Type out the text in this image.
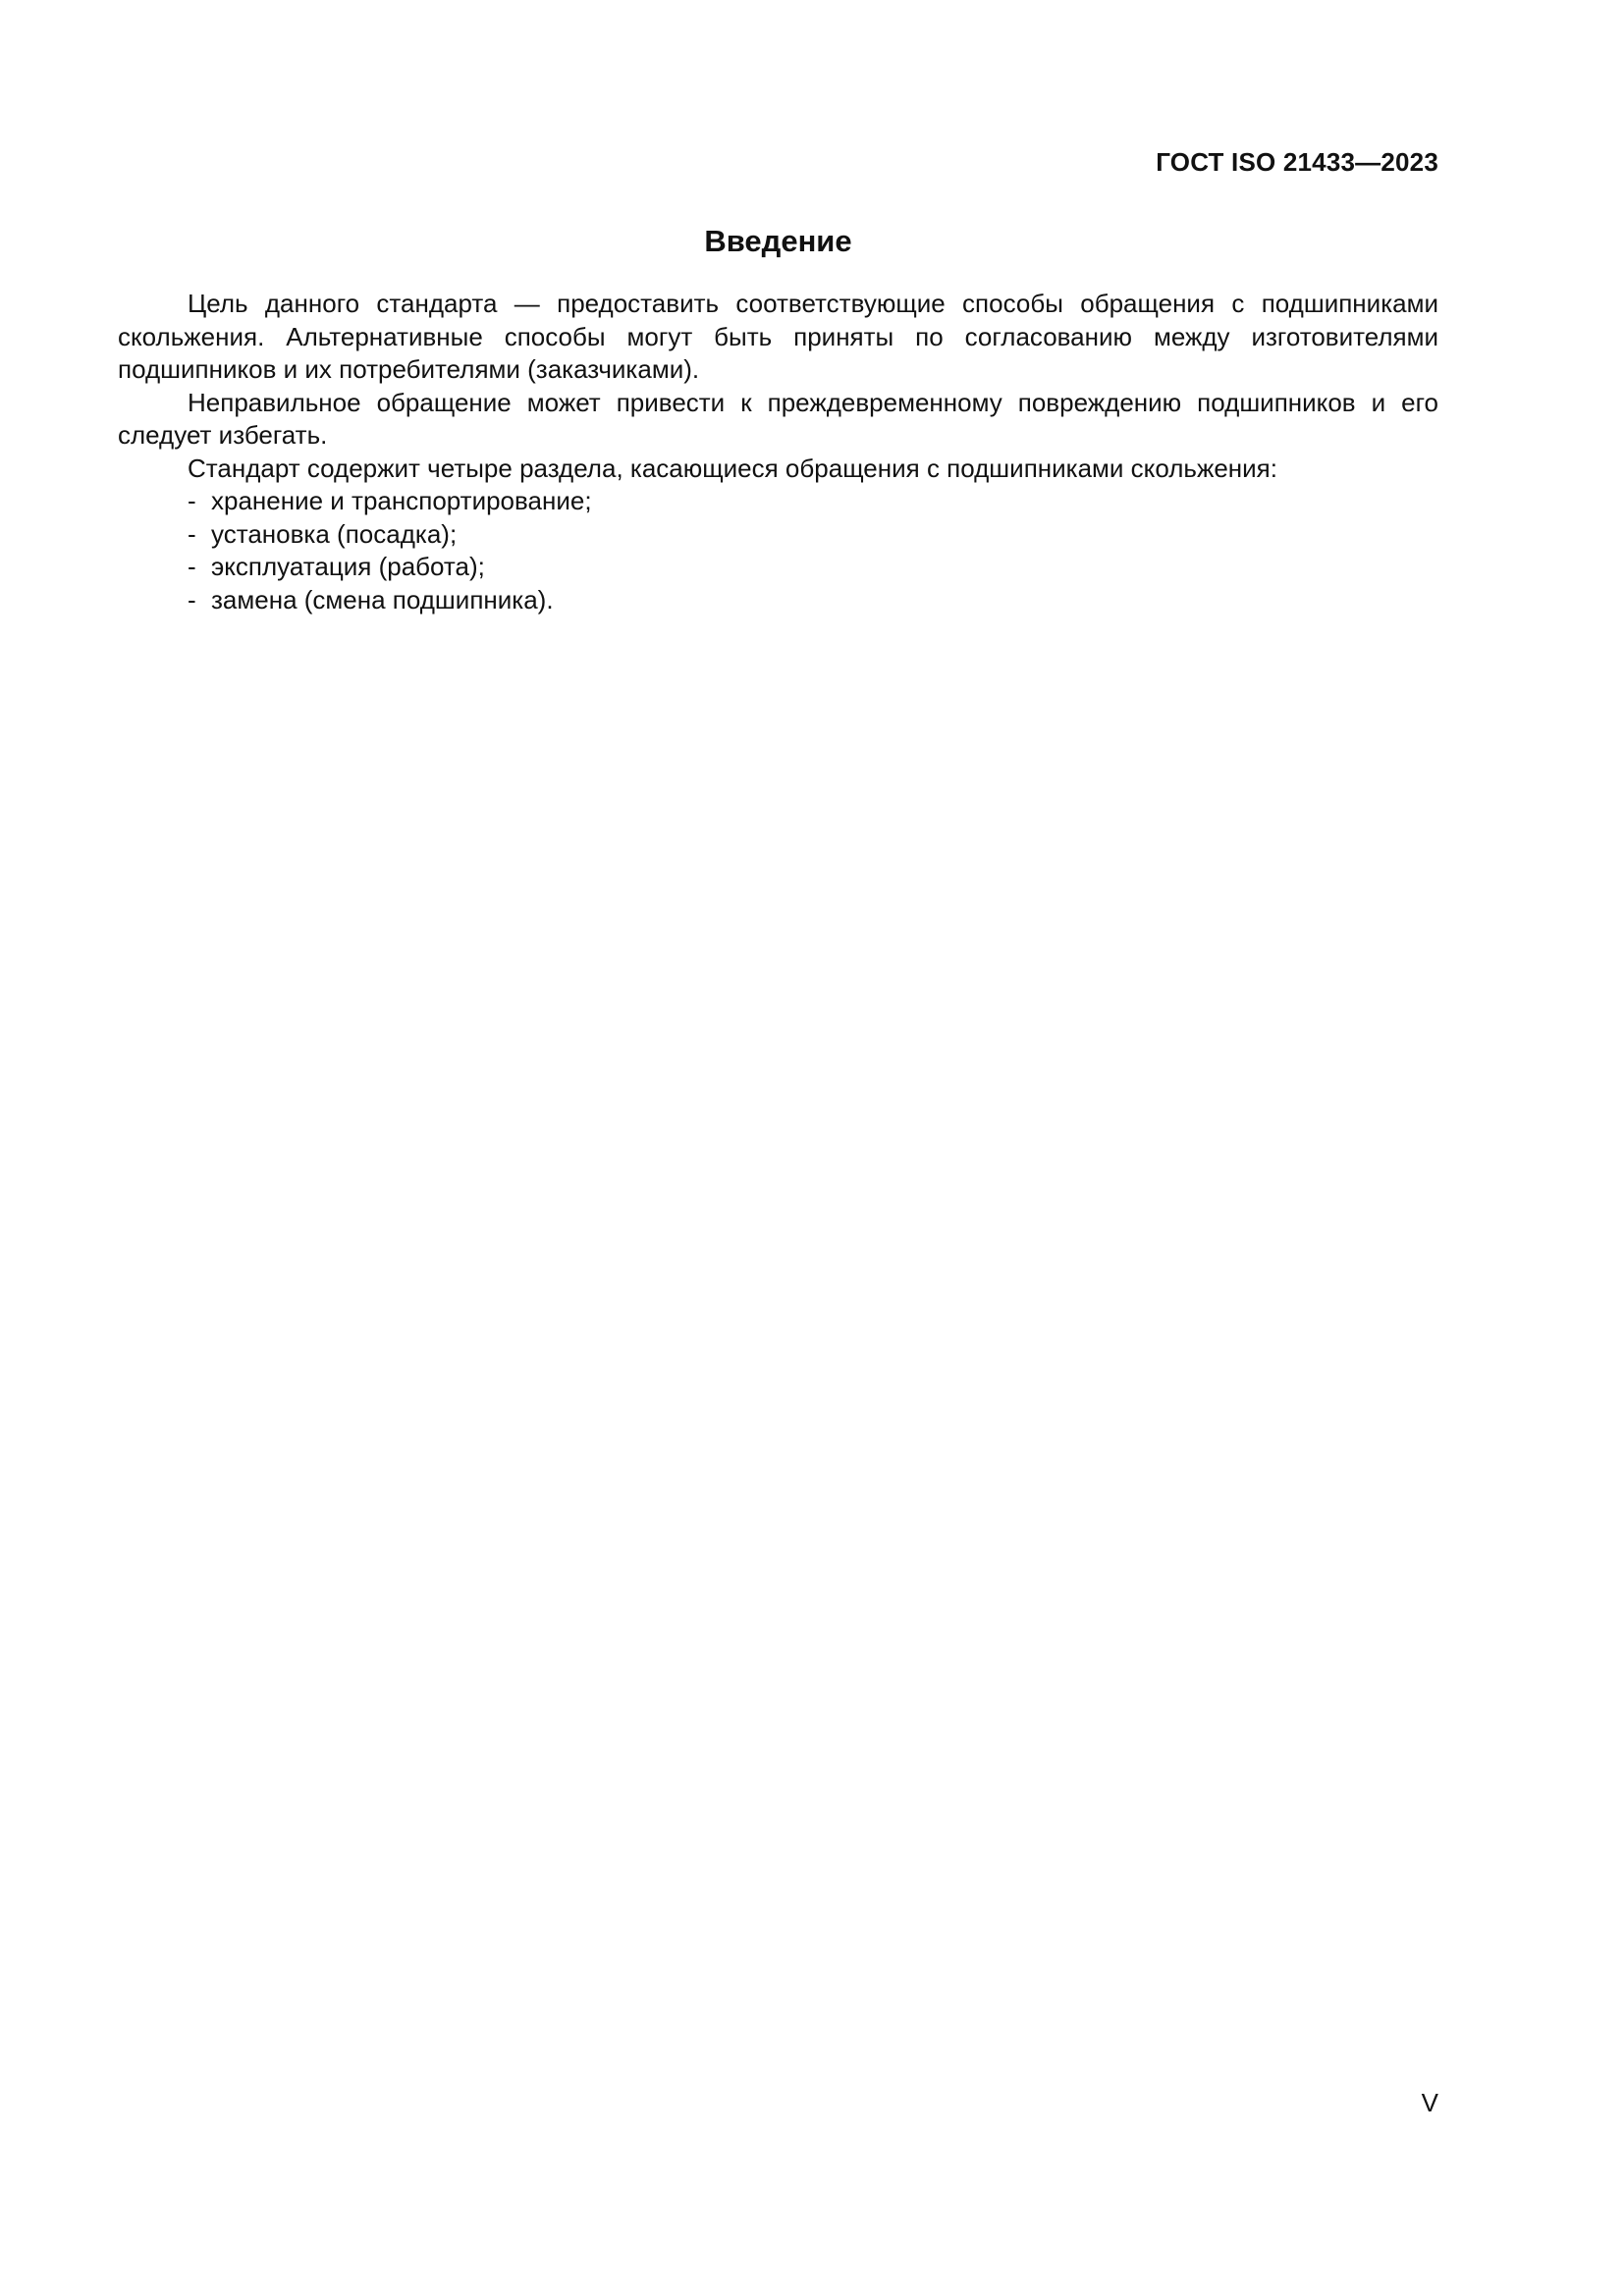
ГОСТ ISO 21433—2023
Введение

Цель данного стандарта — предоставить соответствующие способы обращения с подшипниками скольжения. Альтернативные способы могут быть приняты по согласованию между изготовителями подшипников и их потребителями (заказчиками).

Неправильное обращение может привести к преждевременному повреждению подшипников и его следует избегать.

Стандарт содержит четыре раздела, касающиеся обращения с подшипниками скольжения:

- хранение и транспортирование;
- установка (посадка);
- эксплуатация (работа);
- замена (смена подшипника).
V
